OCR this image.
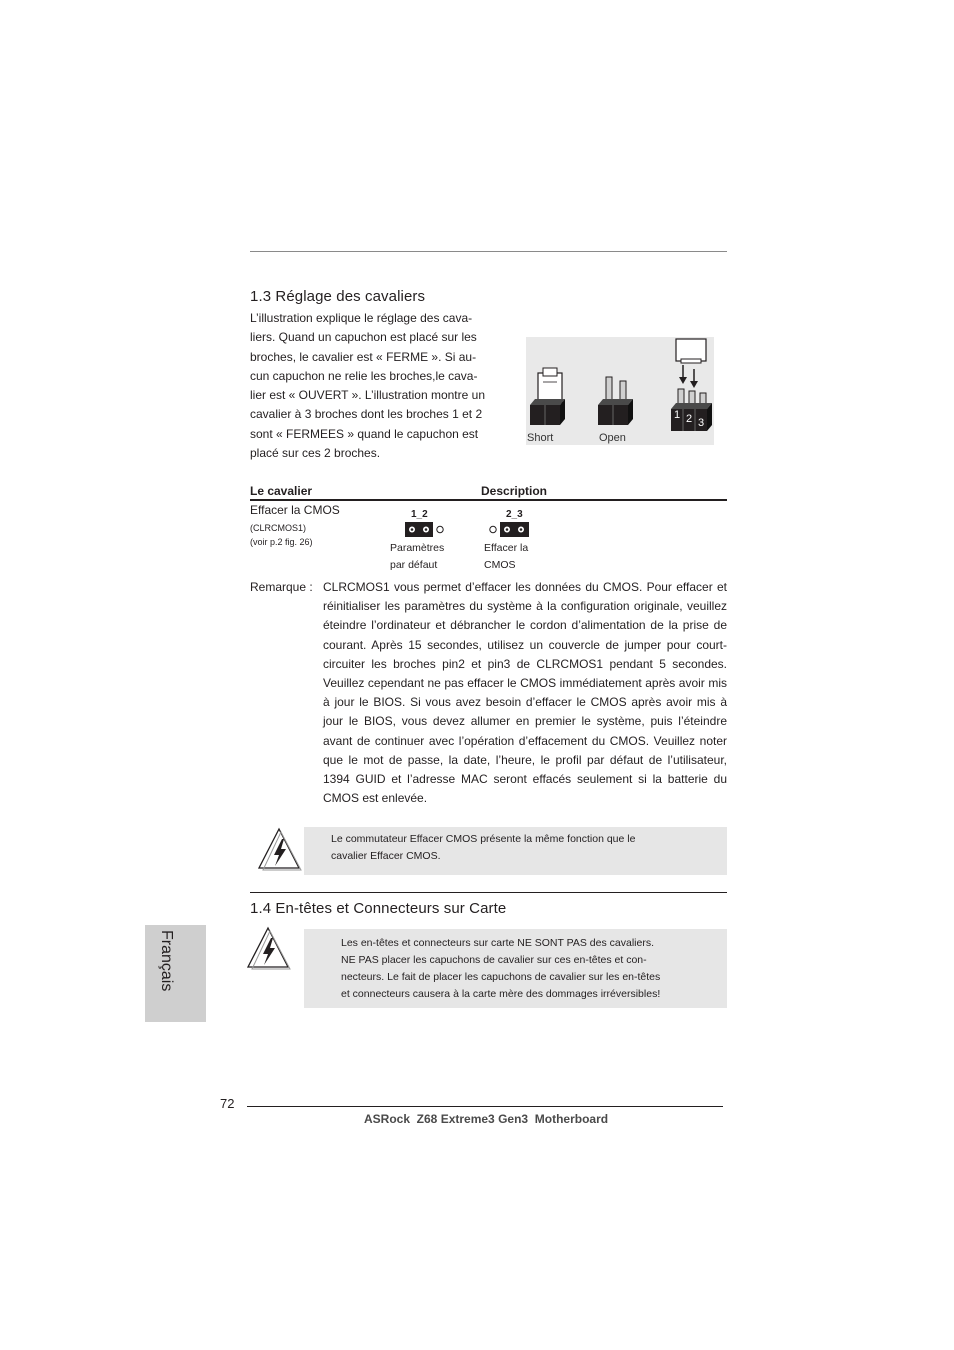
1.3 Réglage des cavaliers
L’illustration explique le réglage des cava-
liers. Quand un capuchon est placé sur les
broches, le cavalier est « FERME ». Si au-
cun capuchon ne relie les broches,le cava-
lier est « OUVERT ». L’illustration montre un
cavalier à 3 broches dont les broches 1 et 2
sont « FERMEES » quand le capuchon est
placé sur ces 2 broches.
1 2 3
Short	Open
Le cavalier	Description
Effacer la CMOS
(CLRCMOS1)
(voir p.2 fig. 26)
1_2
Paramètres
par défaut
2_3
Effacer la
CMOS
Remarque : CLRCMOS1 vous permet d’effacer les données du CMOS. Pour effacer et réinitialiser les paramètres du système à la configuration originale, veuillez éteindre l’ordinateur et débrancher le cordon d’alimentation de la prise de courant. Après 15 secondes, utilisez un couvercle de jumper pour court-circuiter les broches pin2 et pin3 de CLRCMOS1 pendant 5 secondes. Veuillez cependant ne pas effacer le CMOS immédiatement après avoir mis à jour le BIOS. Si vous avez besoin d’effacer le CMOS après avoir mis à jour le BIOS, vous devez allumer en premier le système, puis l’éteindre avant de continuer avec l’opération d’effacement du CMOS. Veuillez noter que le mot de passe, la date, l’heure, le profil par défaut de l’utilisateur, 1394 GUID et l’adresse MAC seront effacés seulement si la batterie du CMOS est enlevée.
Le commutateur Effacer CMOS présente la même fonction que le
cavalier Effacer CMOS.
1.4 En-têtes et Connecteurs sur Carte
Les en-têtes et connecteurs sur carte NE SONT PAS des cavaliers.
NE PAS placer les capuchons de cavalier sur ces en-têtes et con-
necteurs. Le fait de placer les capuchons de cavalier sur les en-têtes
et connecteurs causera à la carte mère des dommages irréversibles!
Français
72
ASRock  Z68 Extreme3 Gen3  Motherboard
